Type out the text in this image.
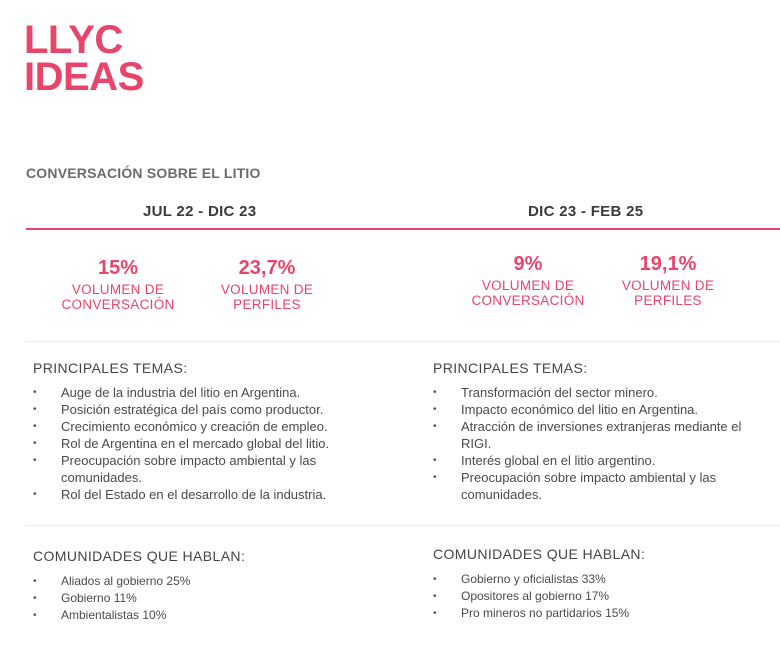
LLYC
IDEAS
CONVERSACIÓN SOBRE EL LITIO
JUL 22 - DIC 23	DIC 23 - FEB 25
15%
VOLUMEN DE
CONVERSACIÓN
23,7%
VOLUMEN DE
PERFILES
9%
VOLUMEN DE
CONVERSACIÓN
19,1%
VOLUMEN DE
PERFILES
PRINCIPALES TEMAS:
• Auge de la industria del litio en Argentina.
• Posición estratégica del país como productor.
• Crecimiento económico y creación de empleo.
• Rol de Argentina en el mercado global del litio.
• Preocupación sobre impacto ambiental y las comunidades.
• Rol del Estado en el desarrollo de la industria.
PRINCIPALES TEMAS:
• Transformación del sector minero.
• Impacto económico del litio en Argentina.
• Atracción de inversiones extranjeras mediante el RIGI.
• Interés global en el litio argentino.
• Preocupación sobre impacto ambiental y las comunidades.
COMUNIDADES QUE HABLAN:
• Aliados al gobierno 25%
• Gobierno 11%
• Ambientalistas 10%
COMUNIDADES QUE HABLAN:
• Gobierno y oficialistas 33%
• Opositores al gobierno 17%
• Pro mineros no partidarios 15%
